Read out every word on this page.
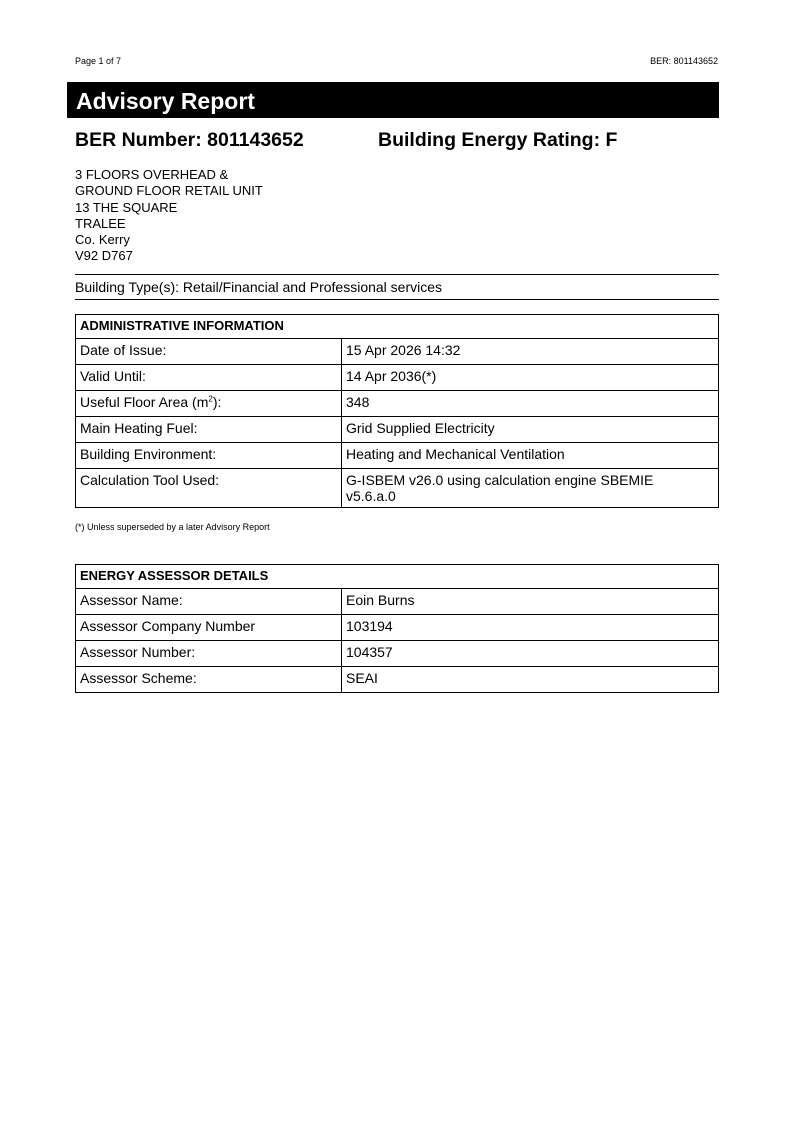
Page 1 of 7	BER: 801143652
Advisory Report
BER Number: 801143652	Building Energy Rating: F
3 FLOORS OVERHEAD &
GROUND FLOOR RETAIL UNIT
13 THE SQUARE
TRALEE
Co. Kerry
V92 D767
Building Type(s): Retail/Financial and Professional services
ADMINISTRATIVE INFORMATION	
Date of Issue:	15 Apr 2026 14:32
Valid Until:	14 Apr 2036(*)
Useful Floor Area $(m^2)$:	348
Main Heating Fuel:	Grid Supplied Electricity
Building Environment:	Heating and Mechanical Ventilation
Calculation Tool Used:	G-ISBEM v26.0 using calculation engine SBEMIE
v5.6.a.0
(*) Unless superseded by a later Advisory Report
ENERGY ASSESSOR DETAILS	
Assessor Name:	Eoin Burns
Assessor Company Number	103194
Assessor Number:	104357
Assessor Scheme:	SEAI
